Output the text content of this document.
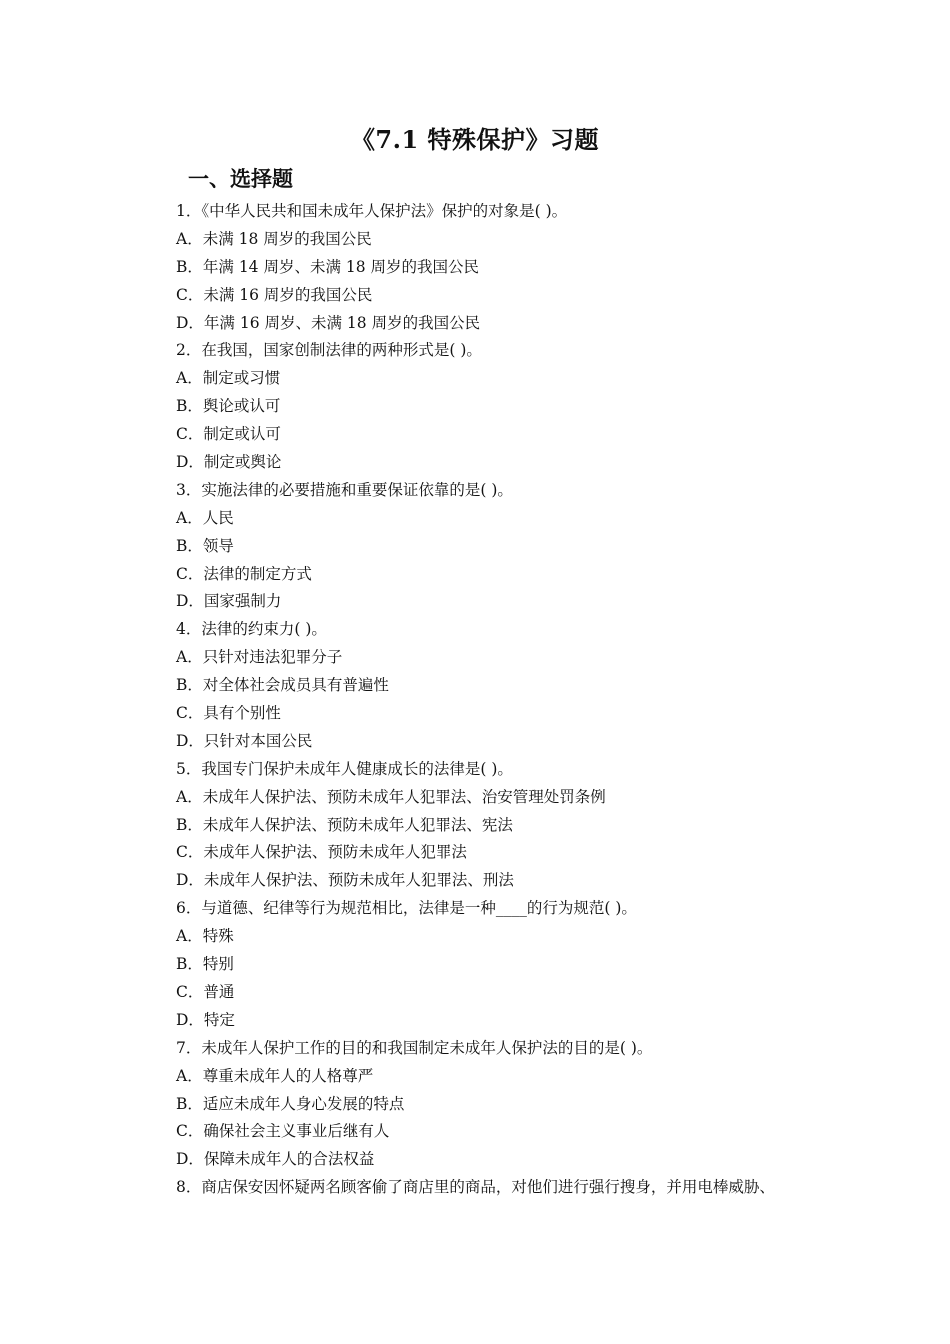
《7.1 特殊保护》习题
一、选择题
1．《中华人民共和国未成年人保护法》保护的对象是( )。
A．未满 18 周岁的我国公民
B．年满 14 周岁、未满 18 周岁的我国公民
C．未满 16 周岁的我国公民
D．年满 16 周岁、未满 18 周岁的我国公民
2．在我国，国家创制法律的两种形式是( )。
A．制定或习惯
B．舆论或认可
C．制定或认可
D．制定或舆论
3．实施法律的必要措施和重要保证依靠的是( )。
A．人民
B．领导
C．法律的制定方式
D．国家强制力
4．法律的约束力( )。
A．只针对违法犯罪分子
B．对全体社会成员具有普遍性
C．具有个别性
D．只针对本国公民
5．我国专门保护未成年人健康成长的法律是( )。
A．未成年人保护法、预防未成年人犯罪法、治安管理处罚条例
B．未成年人保护法、预防未成年人犯罪法、宪法
C．未成年人保护法、预防未成年人犯罪法
D．未成年人保护法、预防未成年人犯罪法、刑法
6．与道德、纪律等行为规范相比，法律是一种____的行为规范( )。
A．特殊
B．特别
C．普通
D．特定
7．未成年人保护工作的目的和我国制定未成年人保护法的目的是( )。
A．尊重未成年人的人格尊严
B．适应未成年人身心发展的特点
C．确保社会主义事业后继有人
D．保障未成年人的合法权益
8．商店保安因怀疑两名顾客偷了商店里的商品，对他们进行强行搜身，并用电棒威胁、
